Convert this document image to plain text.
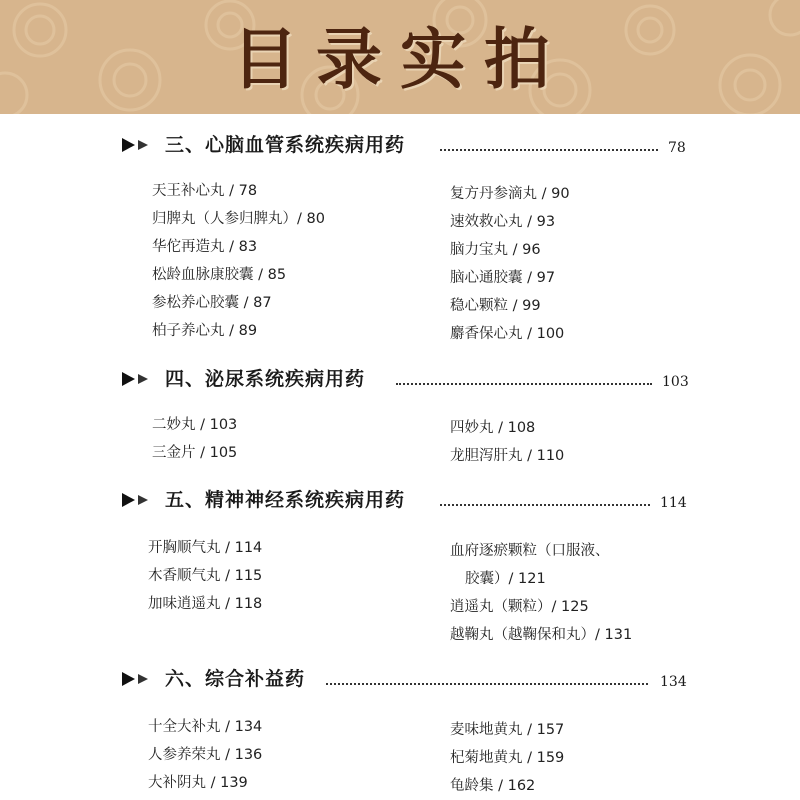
目录实拍
三、心脑血管系统疾病用药	78
天王补心丸 / 78
归脾丸（人参归脾丸）/ 80
华佗再造丸 / 83
松龄血脉康胶囊 / 85
参松养心胶囊 / 87
柏子养心丸 / 89
复方丹参滴丸 / 90
速效救心丸 / 93
脑力宝丸 / 96
脑心通胶囊 / 97
稳心颗粒 / 99
麝香保心丸 / 100
四、泌尿系统疾病用药	103
二妙丸 / 103
三金片 / 105
四妙丸 / 108
龙胆泻肝丸 / 110
五、精神神经系统疾病用药	114
开胸顺气丸 / 114
木香顺气丸 / 115
加味逍遥丸 / 118
血府逐瘀颗粒（口服液、
胶囊）/ 121
逍遥丸（颗粒）/ 125
越鞠丸（越鞠保和丸）/ 131
六、综合补益药	134
十全大补丸 / 134
人参养荣丸 / 136
大补阴丸 / 139
麦味地黄丸 / 157
杞菊地黄丸 / 159
龟龄集 / 162
